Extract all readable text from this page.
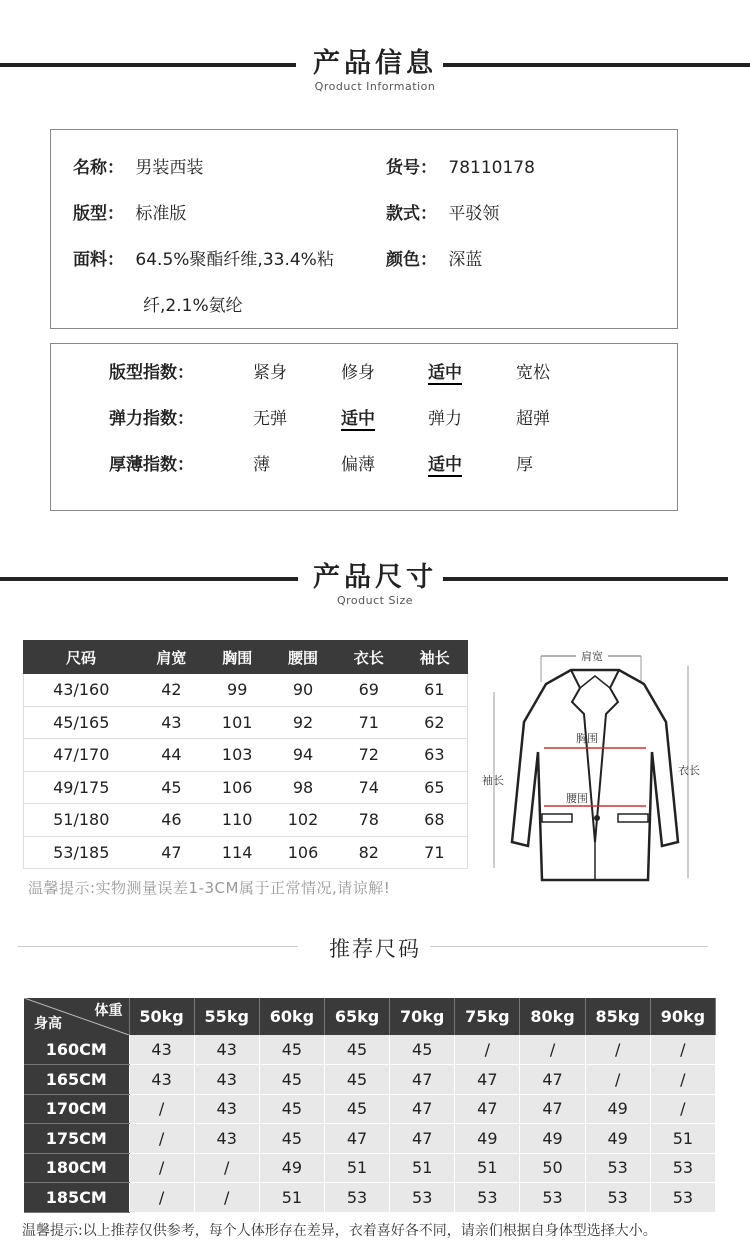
产品信息
Qroduct Information
名称： 男装西装	货号： 78110178
版型： 标准版	款式： 平驳领
面料： 64.5%聚酯纤维,33.4%粘
纤,2.1%氨纶
颜色： 深蓝
版型指数：	紧身	修身	适中	宽松
弹力指数：	无弹	适中	弹力	超弹
厚薄指数：	薄	偏薄	适中	厚
产品尺寸
Qroduct Size
尺码	肩宽	胸围	腰围	衣长	袖长
43/160	42	99	90	69	61
45/165	43	101	92	71	62
47/170	44	103	94	72	63
49/175	45	106	98	74	65
51/180	46	110	102	78	68
53/185	47	114	106	82	71
肩宽
胸围
腰围
袖长
衣长
温馨提示:实物测量误差1-3CM属于正常情况,请谅解!
推荐尺码
体重
身高	50kg	55kg	60kg	65kg	70kg	75kg	80kg	85kg	90kg
160CM	43	43	45	45	45	/	/	/	/
165CM	43	43	45	45	47	47	47	/	/
170CM	/	43	45	45	47	47	47	49	/
175CM	/	43	45	47	47	49	49	49	51
180CM	/	/	49	51	51	51	50	53	53
185CM	/	/	51	53	53	53	53	53	53
温馨提示:以上推荐仅供参考，每个人体形存在差异，衣着喜好各不同，请亲们根据自身体型选择大小。
